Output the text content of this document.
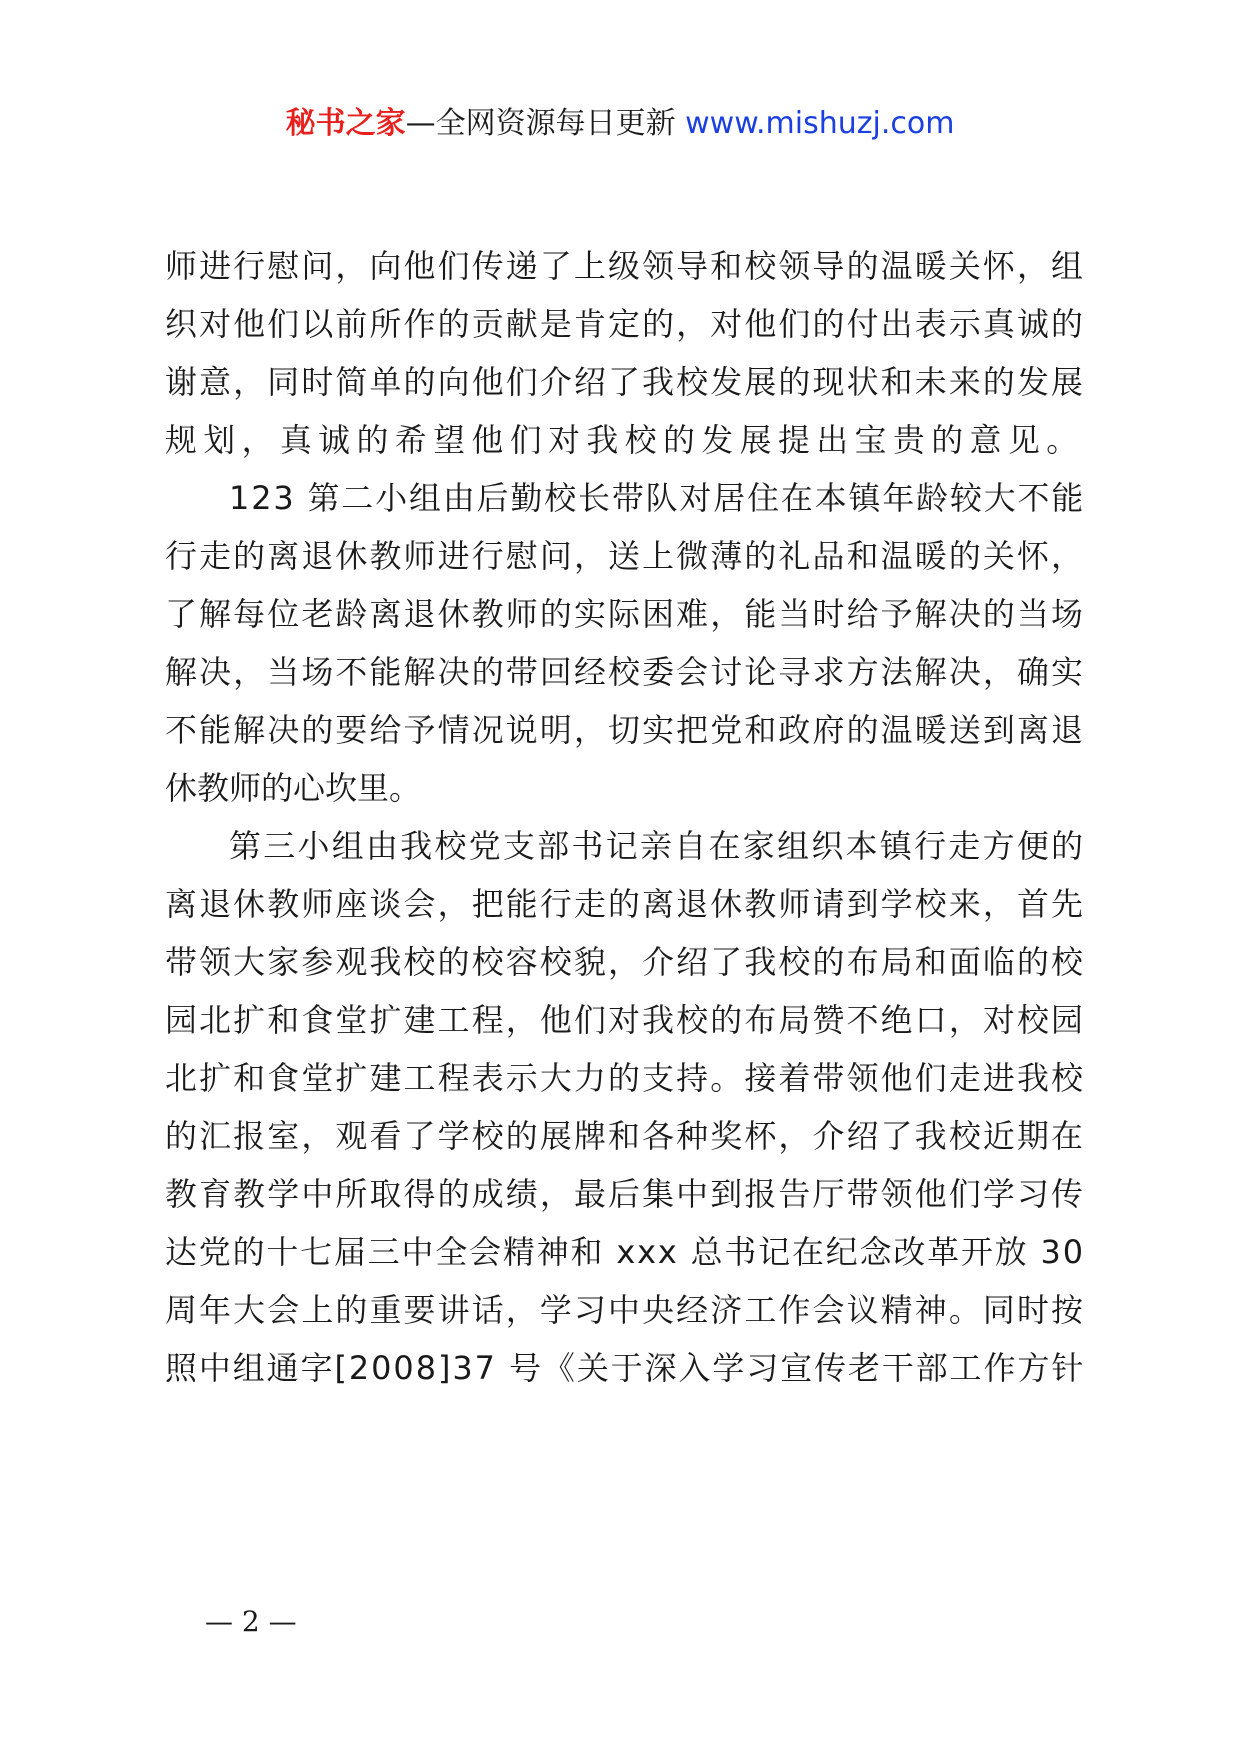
秘书之家—全网资源每日更新 www.mishuzj.com
师进行慰问，向他们传递了上级领导和校领导的温暖关怀，组
织对他们以前所作的贡献是肯定的，对他们的付出表示真诚的
谢意，同时简单的向他们介绍了我校发展的现状和未来的发展
规划，真诚的希望他们对我校的发展提出宝贵的意见。
123 第二小组由后勤校长带队对居住在本镇年龄较大不能
行走的离退休教师进行慰问，送上微薄的礼品和温暖的关怀，
了解每位老龄离退休教师的实际困难，能当时给予解决的当场
解决，当场不能解决的带回经校委会讨论寻求方法解决，确实
不能解决的要给予情况说明，切实把党和政府的温暖送到离退
休教师的心坎里。
第三小组由我校党支部书记亲自在家组织本镇行走方便的
离退休教师座谈会，把能行走的离退休教师请到学校来，首先
带领大家参观我校的校容校貌，介绍了我校的布局和面临的校
园北扩和食堂扩建工程，他们对我校的布局赞不绝口，对校园
北扩和食堂扩建工程表示大力的支持。接着带领他们走进我校
的汇报室，观看了学校的展牌和各种奖杯，介绍了我校近期在
教育教学中所取得的成绩，最后集中到报告厅带领他们学习传
达党的十七届三中全会精神和 xxx 总书记在纪念改革开放 30
周年大会上的重要讲话，学习中央经济工作会议精神。同时按
照中组通字[2008]37 号《关于深入学习宣传老干部工作方针
— 2 —
